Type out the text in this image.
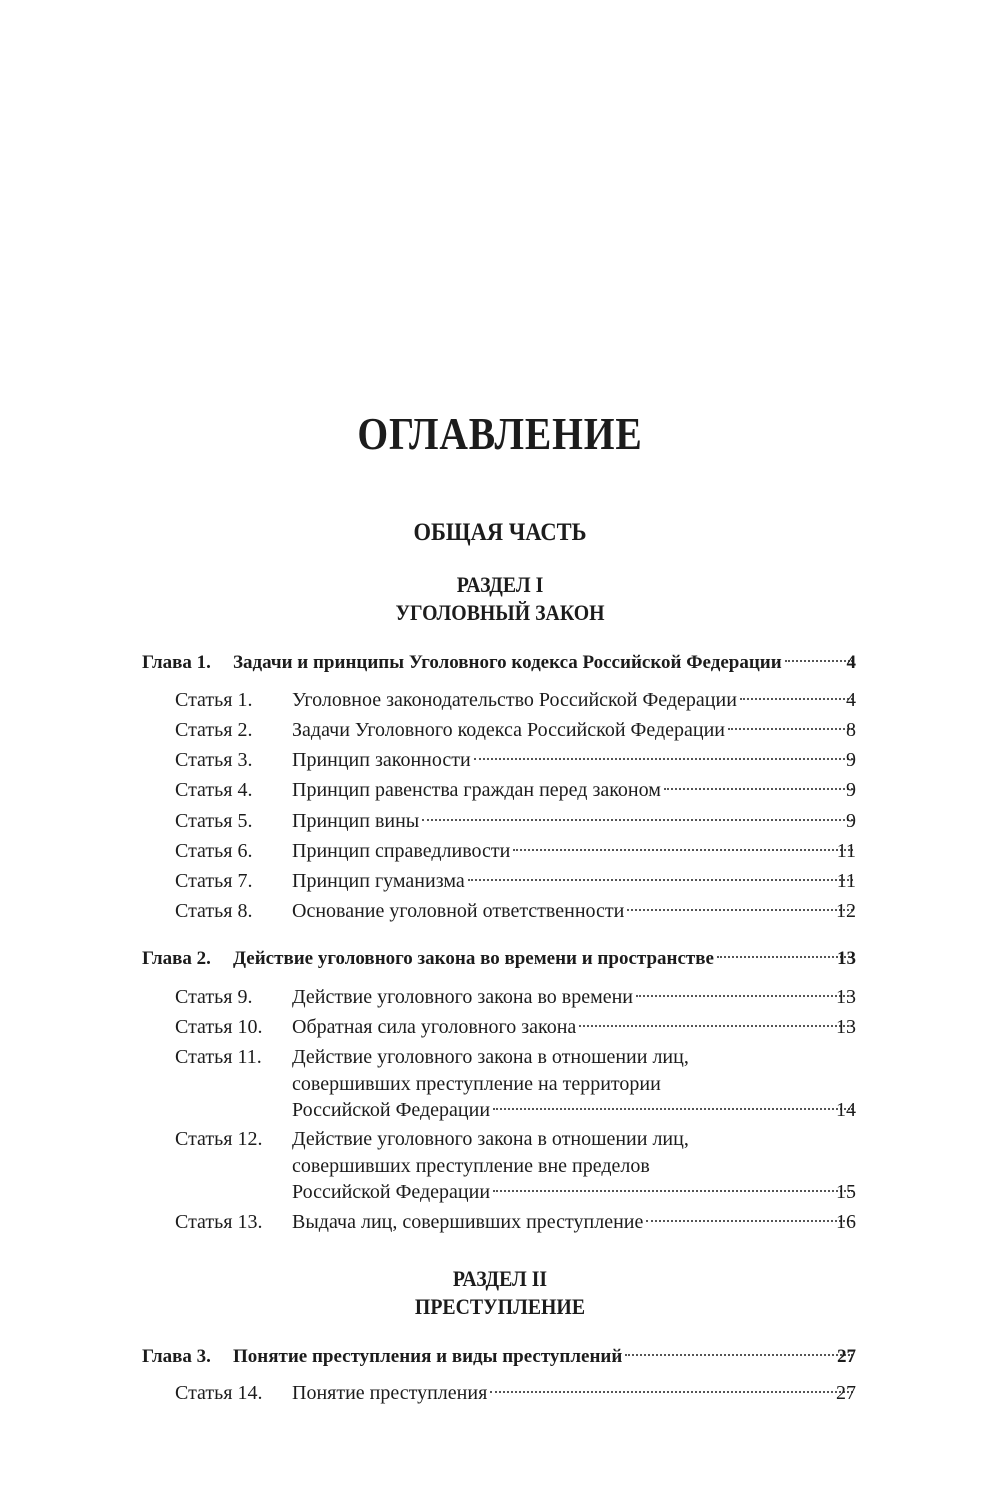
ОГЛАВЛЕНИЕ
ОБЩАЯ ЧАСТЬ
РАЗДЕЛ I
УГОЛОВНЫЙ ЗАКОН
Глава 1. Задачи и принципы Уголовного кодекса Российской Федерации	4
Статья 1. Уголовное законодательство Российской Федерации	4
Статья 2. Задачи Уголовного кодекса Российской Федерации	8
Статья 3. Принцип законности	9
Статья 4. Принцип равенства граждан перед законом	9
Статья 5. Принцип вины	9
Статья 6. Принцип справедливости	11
Статья 7. Принцип гуманизма	11
Статья 8. Основание уголовной ответственности	12
Глава 2. Действие уголовного закона во времени и пространстве	13
Статья 9. Действие уголовного закона во времени	13
Статья 10. Обратная сила уголовного закона	13
Статья 11. Действие уголовного закона в отношении лиц,
совершивших преступление на территории
Российской Федерации	14
Статья 12. Действие уголовного закона в отношении лиц,
совершивших преступление вне пределов
Российской Федерации	15
Статья 13. Выдача лиц, совершивших преступление	16
РАЗДЕЛ II
ПРЕСТУПЛЕНИЕ
Глава 3. Понятие преступления и виды преступлений	27
Статья 14. Понятие преступления	27
